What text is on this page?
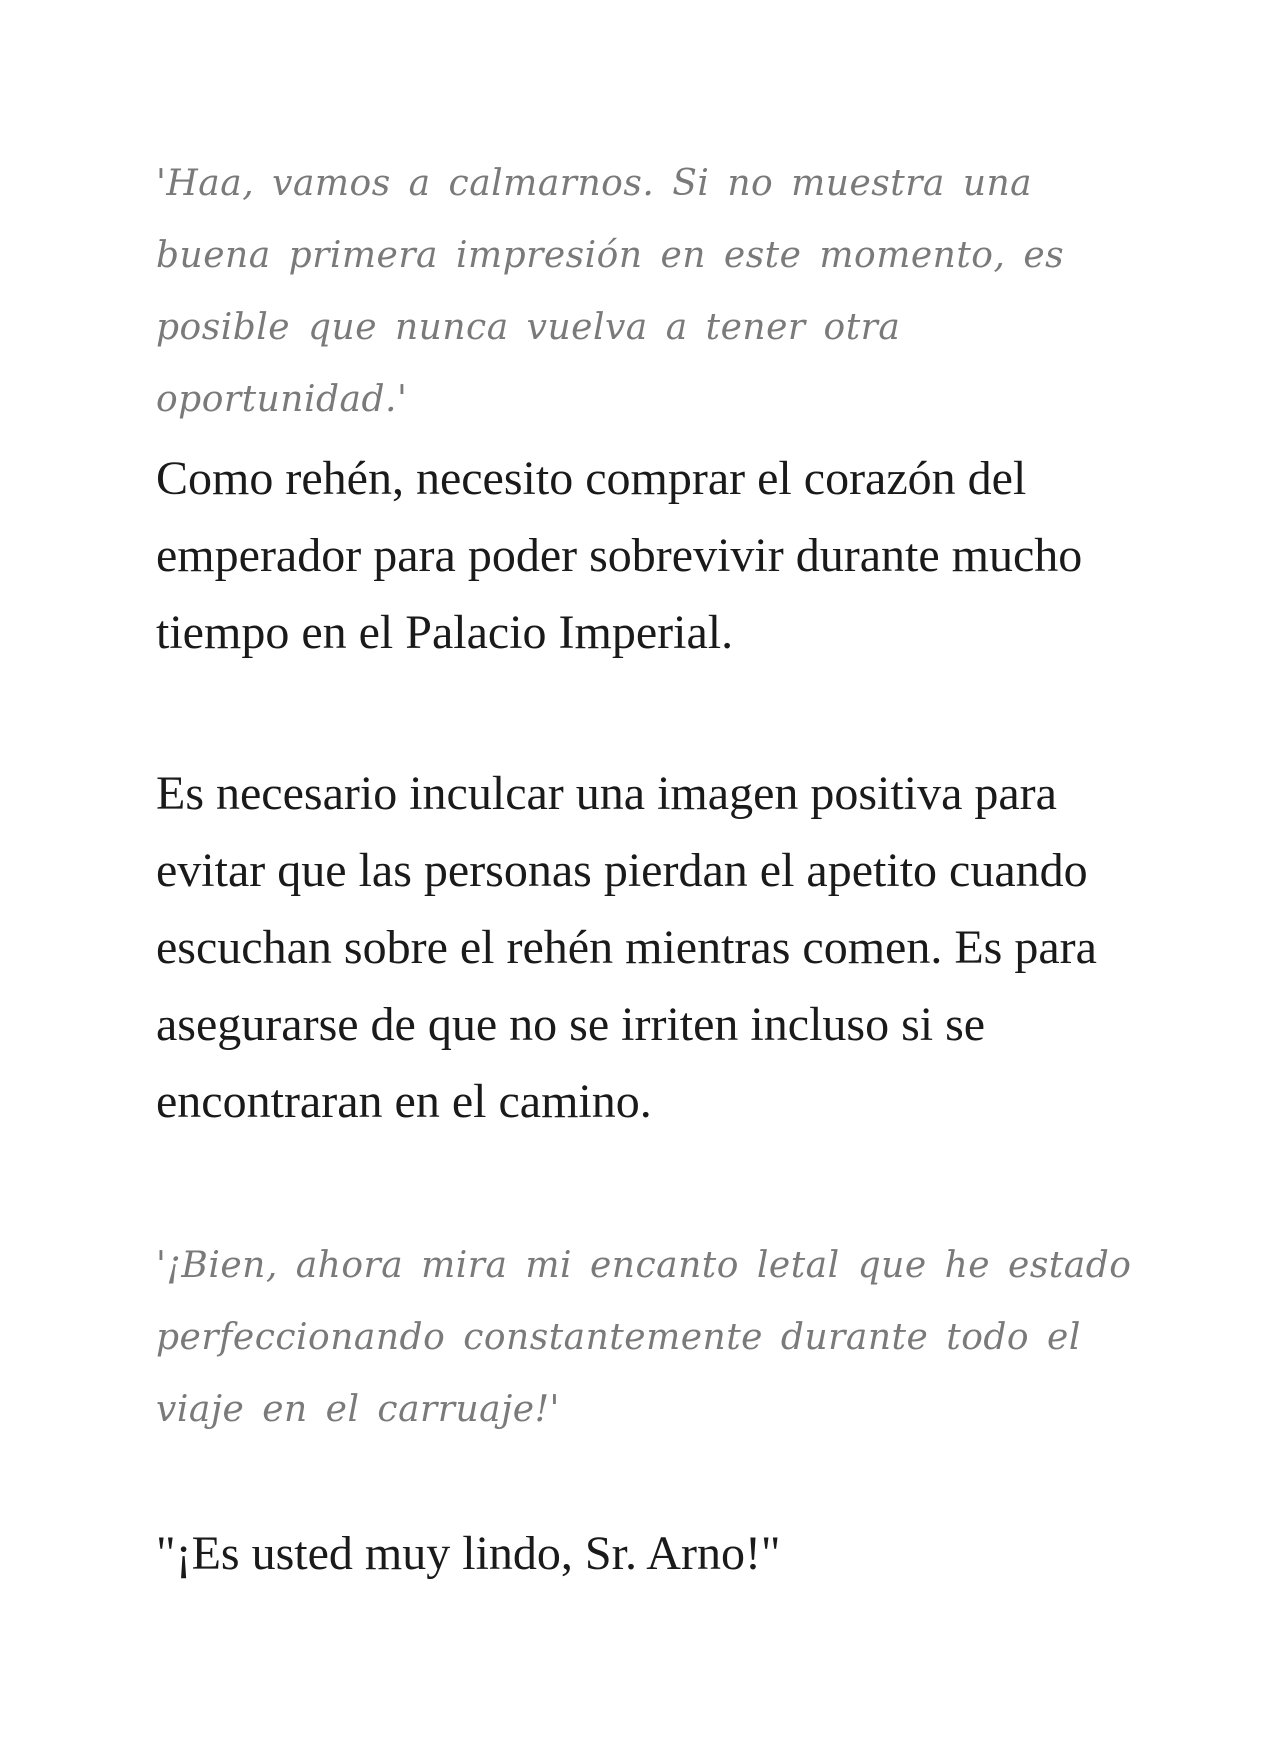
'Haa, vamos a calmarnos. Si no muestra una buena primera impresión en este momento, es posible que nunca vuelva a tener otra oportunidad.'

Como rehén, necesito comprar el corazón del emperador para poder sobrevivir durante mucho tiempo en el Palacio Imperial.

Es necesario inculcar una imagen positiva para evitar que las personas pierdan el apetito cuando escuchan sobre el rehén mientras comen. Es para asegurarse de que no se irriten incluso si se encontraran en el camino.

'¡Bien, ahora mira mi encanto letal que he estado perfeccionando constantemente durante todo el viaje en el carruaje!'

"¡Es usted muy lindo, Sr. Arno!"
